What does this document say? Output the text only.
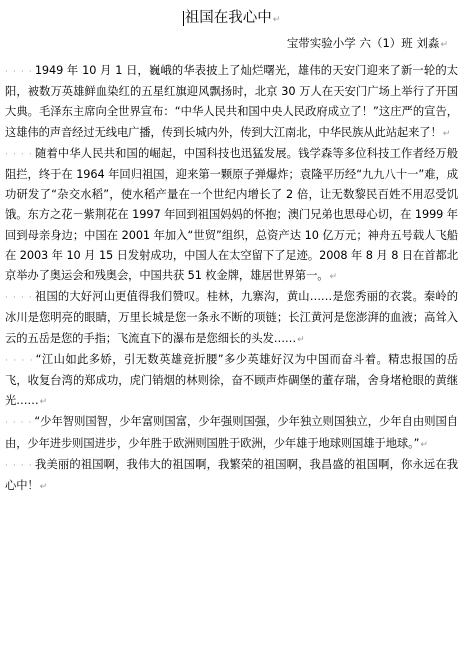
祖国在我心中↵
宝带实验小学 六（1）班 刘淼↵

· · · · 1949 年 10 月 1 日，巍峨的华表披上了灿烂曙光，雄伟的天安门迎来了新一轮的太阳，被数万英雄鲜血染红的五星红旗迎风飘扬时，北京 30 万人在天安门广场上举行了开国大典。毛泽东主席向全世界宣布：“中华人民共和国中央人民政府成立了！”这庄严的宣告，这雄伟的声音经过无线电广播，传到长城内外，传到大江南北，中华民族从此站起来了！↵

· · · · 随着中华人民共和国的崛起，中国科技也迅猛发展。钱学森等多位科技工作者经万般阻拦，终于在 1964 年回归祖国，迎来第一颗原子弹爆炸；袁隆平历经“九九八十一”难，成功研发了“杂交水稻”，使水稻产量在一个世纪内增长了 2 倍，让无数黎民百姓不用忍受饥饿。东方之花－紫荆花在 1997 年回到祖国妈妈的怀抱；澳门兄弟也思母心切，在 1999 年回到母亲身边；中国在 2001 年加入“世贸”组织，总资产达 10 亿万元；神舟五号载人飞船在 2003 年 10 月 15 日发射成功，中国人在太空留下了足迹。2008 年 8 月 8 日在首都北京举办了奥运会和残奥会，中国共获 51 枚金牌，雄居世界第一。↵

· · · · 祖国的大好河山更值得我们赞叹。桂林，九寨沟，黄山……是您秀丽的衣裳。秦岭的冰川是您明亮的眼睛，万里长城是您一条永不断的项链；长江黄河是您澎湃的血液；高耸入云的五岳是您的手指；飞流直下的瀑布是您细长的头发……↵

· · · · “江山如此多娇，引无数英雄竞折腰”多少英雄好汉为中国而奋斗着。精忠报国的岳飞，收复台湾的郑成功，虎门销烟的林则徐，奋不顾声炸碉堡的董存瑞，舍身堵枪眼的黄继光……↵

· · · · “少年智则国智，少年富则国富，少年强则国强，少年独立则国独立，少年自由则国自由，少年进步则国进步，少年胜于欧洲则国胜于欧洲，少年雄于地球则国雄于地球。”↵

· · · · 我美丽的祖国啊，我伟大的祖国啊，我繁荣的祖国啊，我昌盛的祖国啊，你永远在我心中！↵
